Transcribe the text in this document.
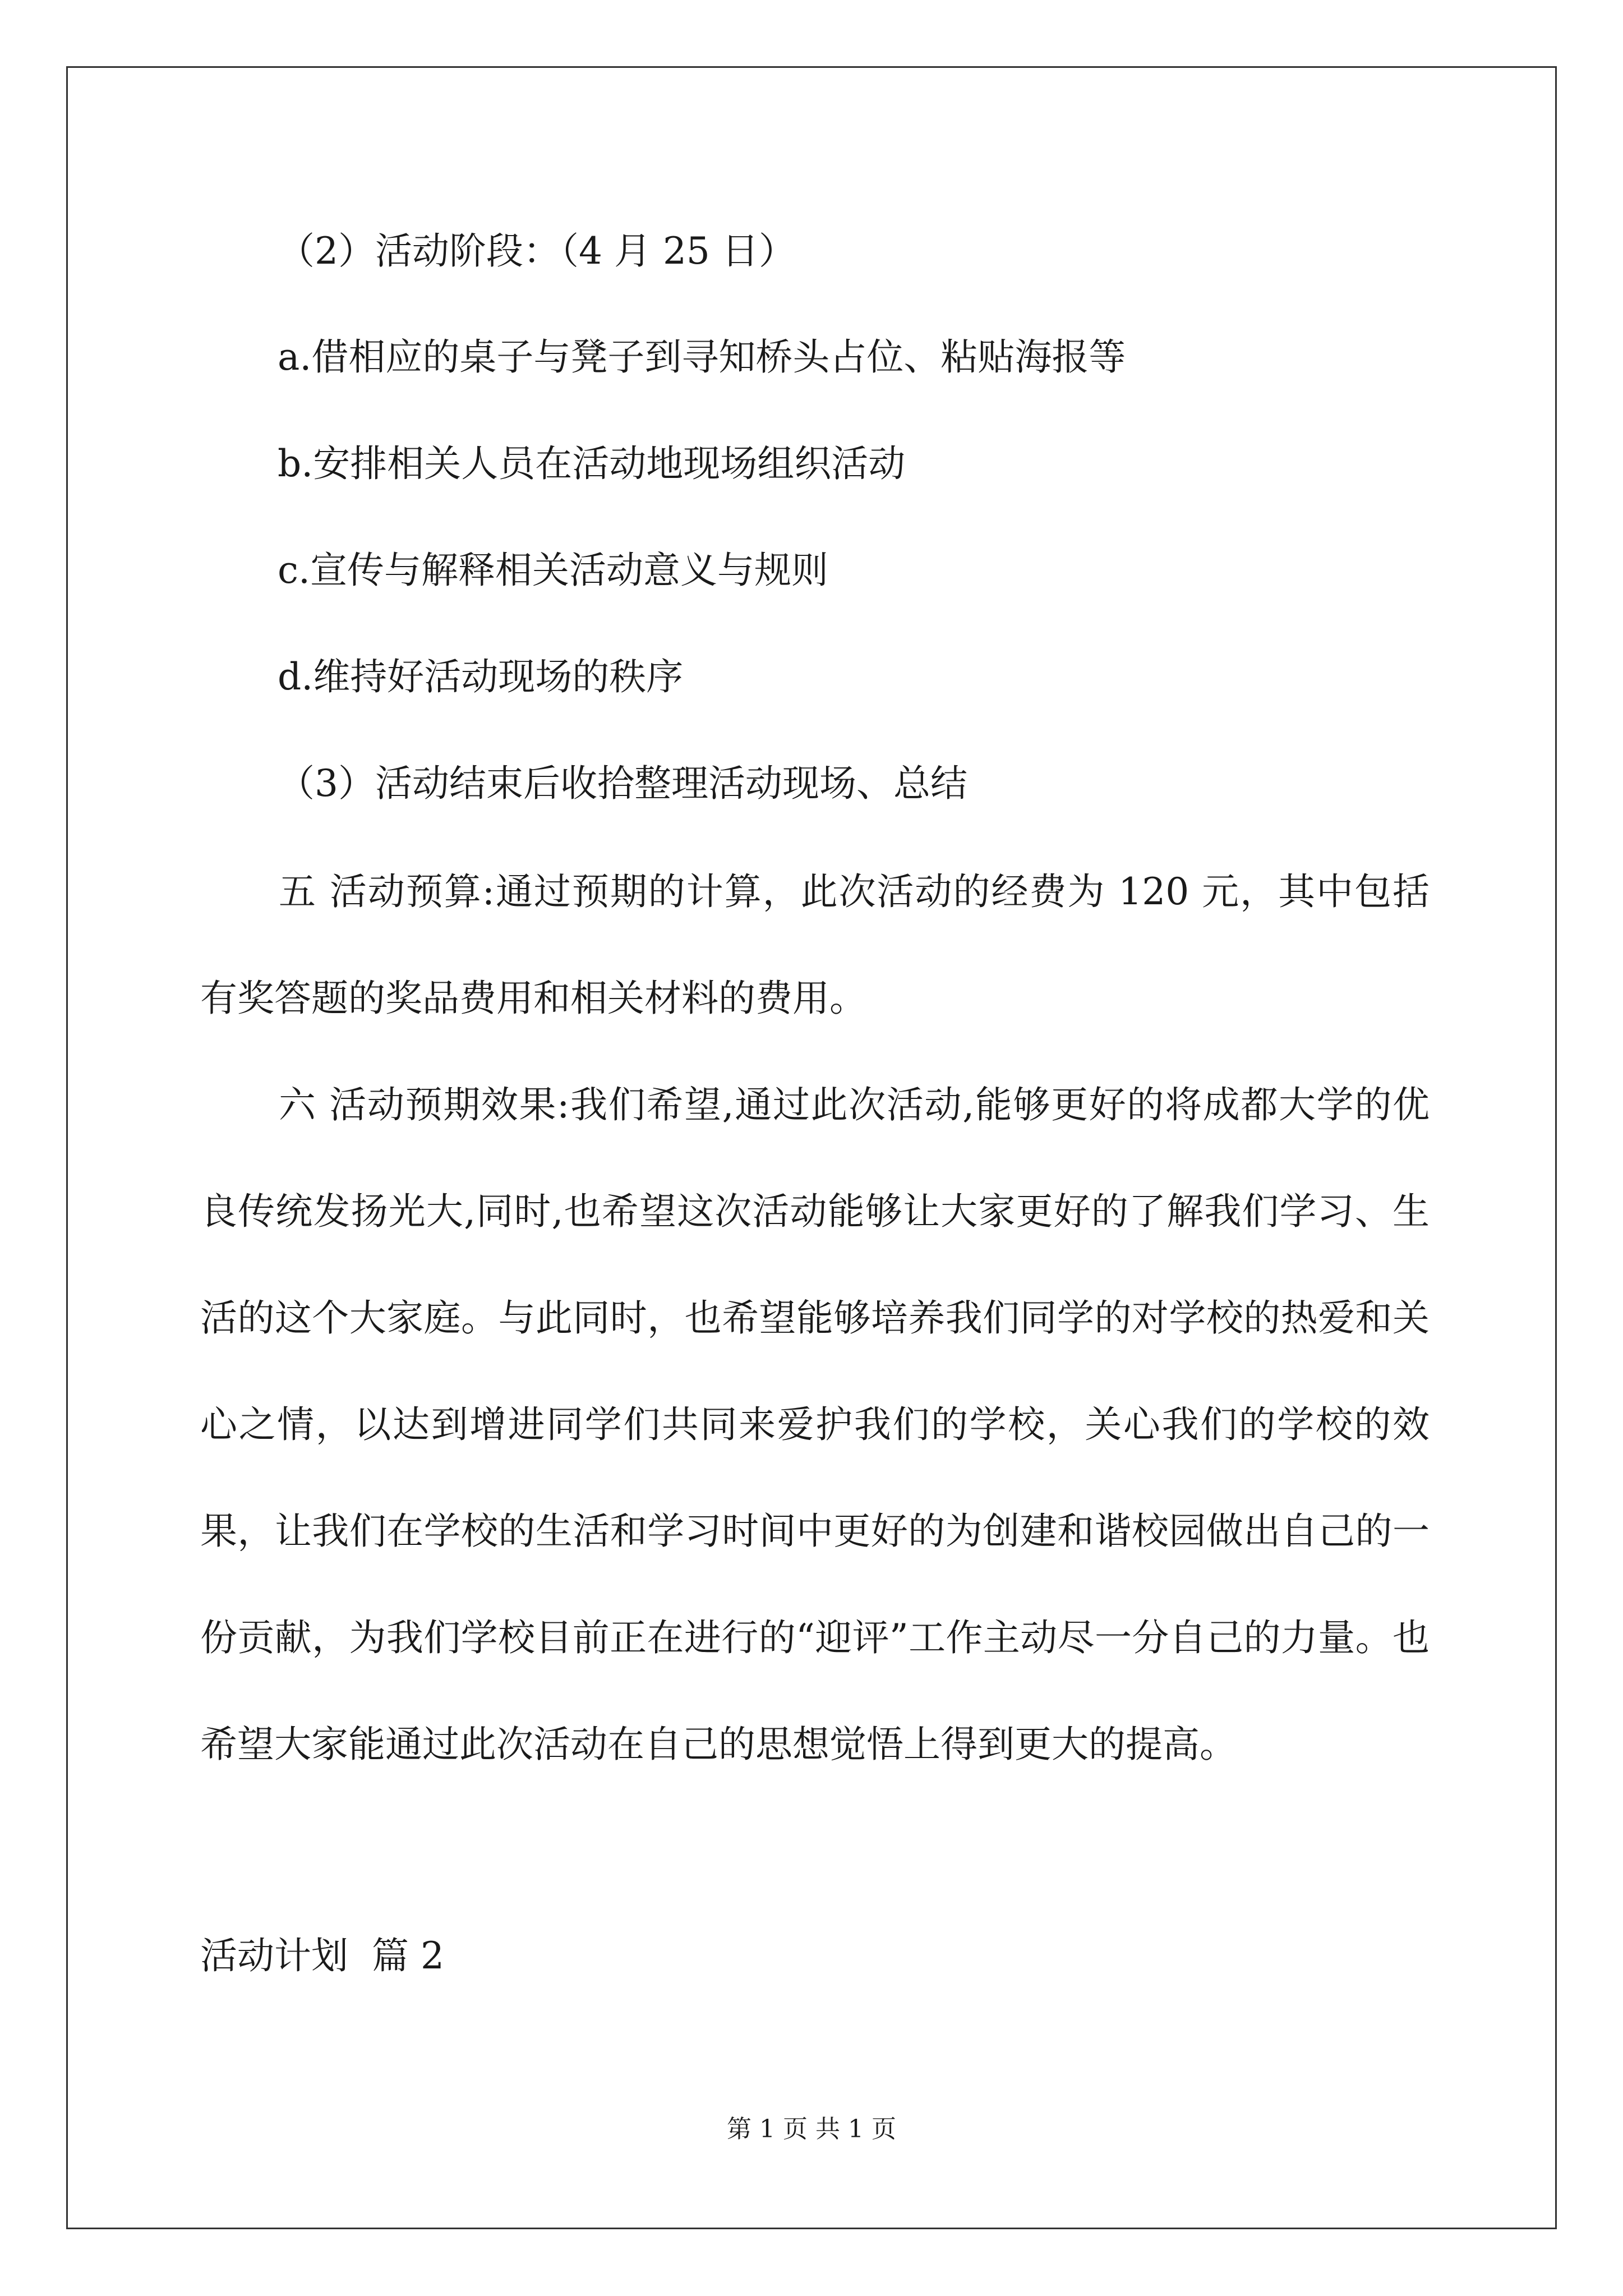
（2）活动阶段：（4 月 25 日）
a.借相应的桌子与凳子到寻知桥头占位、粘贴海报等
b.安排相关人员在活动地现场组织活动
c.宣传与解释相关活动意义与规则
d.维持好活动现场的秩序
（3）活动结束后收拾整理活动现场、总结
五 活动预算:通过预期的计算，此次活动的经费为 120 元，其中包括有奖答题的奖品费用和相关材料的费用。
六 活动预期效果:我们希望,通过此次活动,能够更好的将成都大学的优良传统发扬光大,同时,也希望这次活动能够让大家更好的了解我们学习、生活的这个大家庭。与此同时，也希望能够培养我们同学的对学校的热爱和关心之情，以达到增进同学们共同来爱护我们的学校，关心我们的学校的效果，让我们在学校的生活和学习时间中更好的为创建和谐校园做出自己的一份贡献，为我们学校目前正在进行的“迎评”工作主动尽一分自己的力量。也希望大家能通过此次活动在自己的思想觉悟上得到更大的提高。
活动计划  篇 2
第 1 页 共 1 页
